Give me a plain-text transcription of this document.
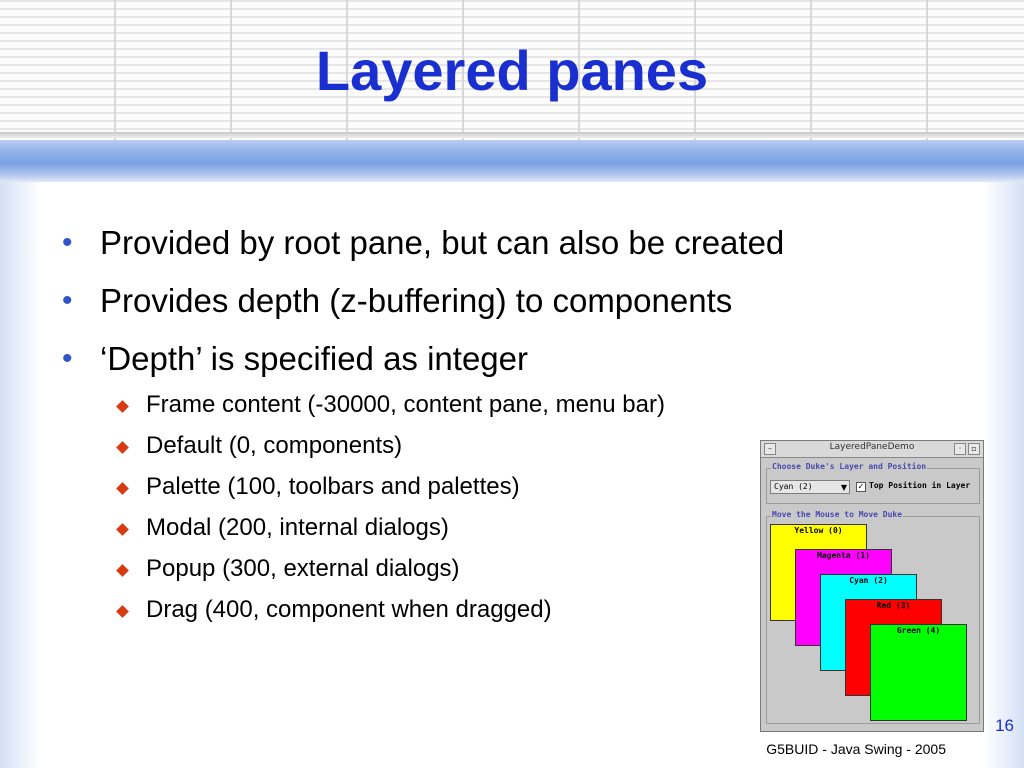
Layered panes
• Provided by root pane, but can also be created
• Provides depth (z-buffering) to components
• ‘Depth’ is specified as integer
Frame content (-30000, content pane, menu bar)
Default (0, components)
Palette (100, toolbars and palettes)
Modal (200, internal dialogs)
Popup (300, external dialogs)
Drag (400, component when dragged)
–	LayeredPaneDemo	·	▫
Choose Duke's Layer and Position
Cyan (2)	▼ ✓ Top Position in Layer
Move the Mouse to Move Duke
Yellow (0)
Magenta (1)
Cyan (2)
Red (3)
Green (4)
16
G5BUID - Java Swing - 2005
